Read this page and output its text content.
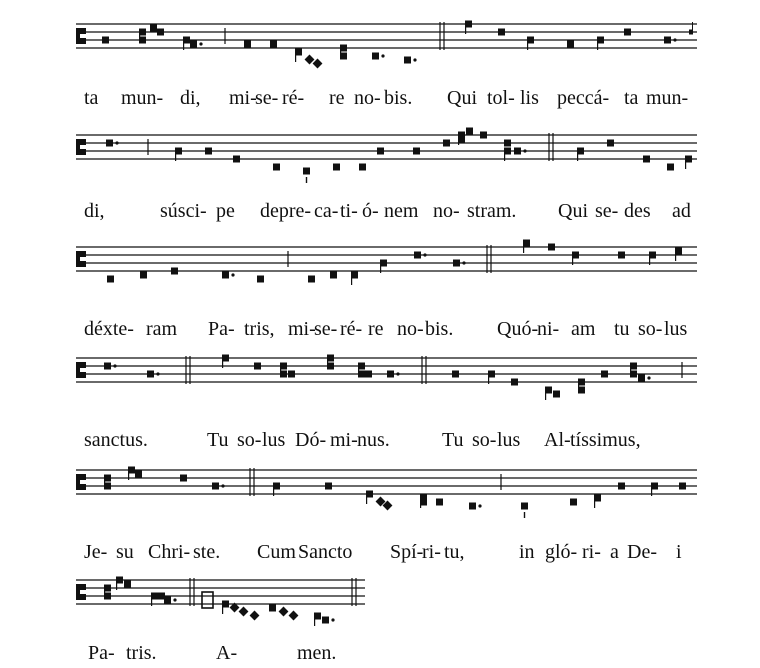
ta mun- di, mi-
se- ré- re no- bis. Qui tol- lis peccá- ta mun-
di,	súsci- pe depre- ca- ti- ó- nem no- stram. Qui se- des ad
déxte- ram Pa- tris, mi-
se- ré- re no- bis. Quó-
ni- am tu so- lus
sanctus.	Tu so- lus Dó- mi- nus.	Tu so- lus Al- tíssimus,
Je- su Chri- ste. Cum Sancto Spí-
ri- tu,	in gló- ri- a De- i
Pa- tris.	A-	men.
